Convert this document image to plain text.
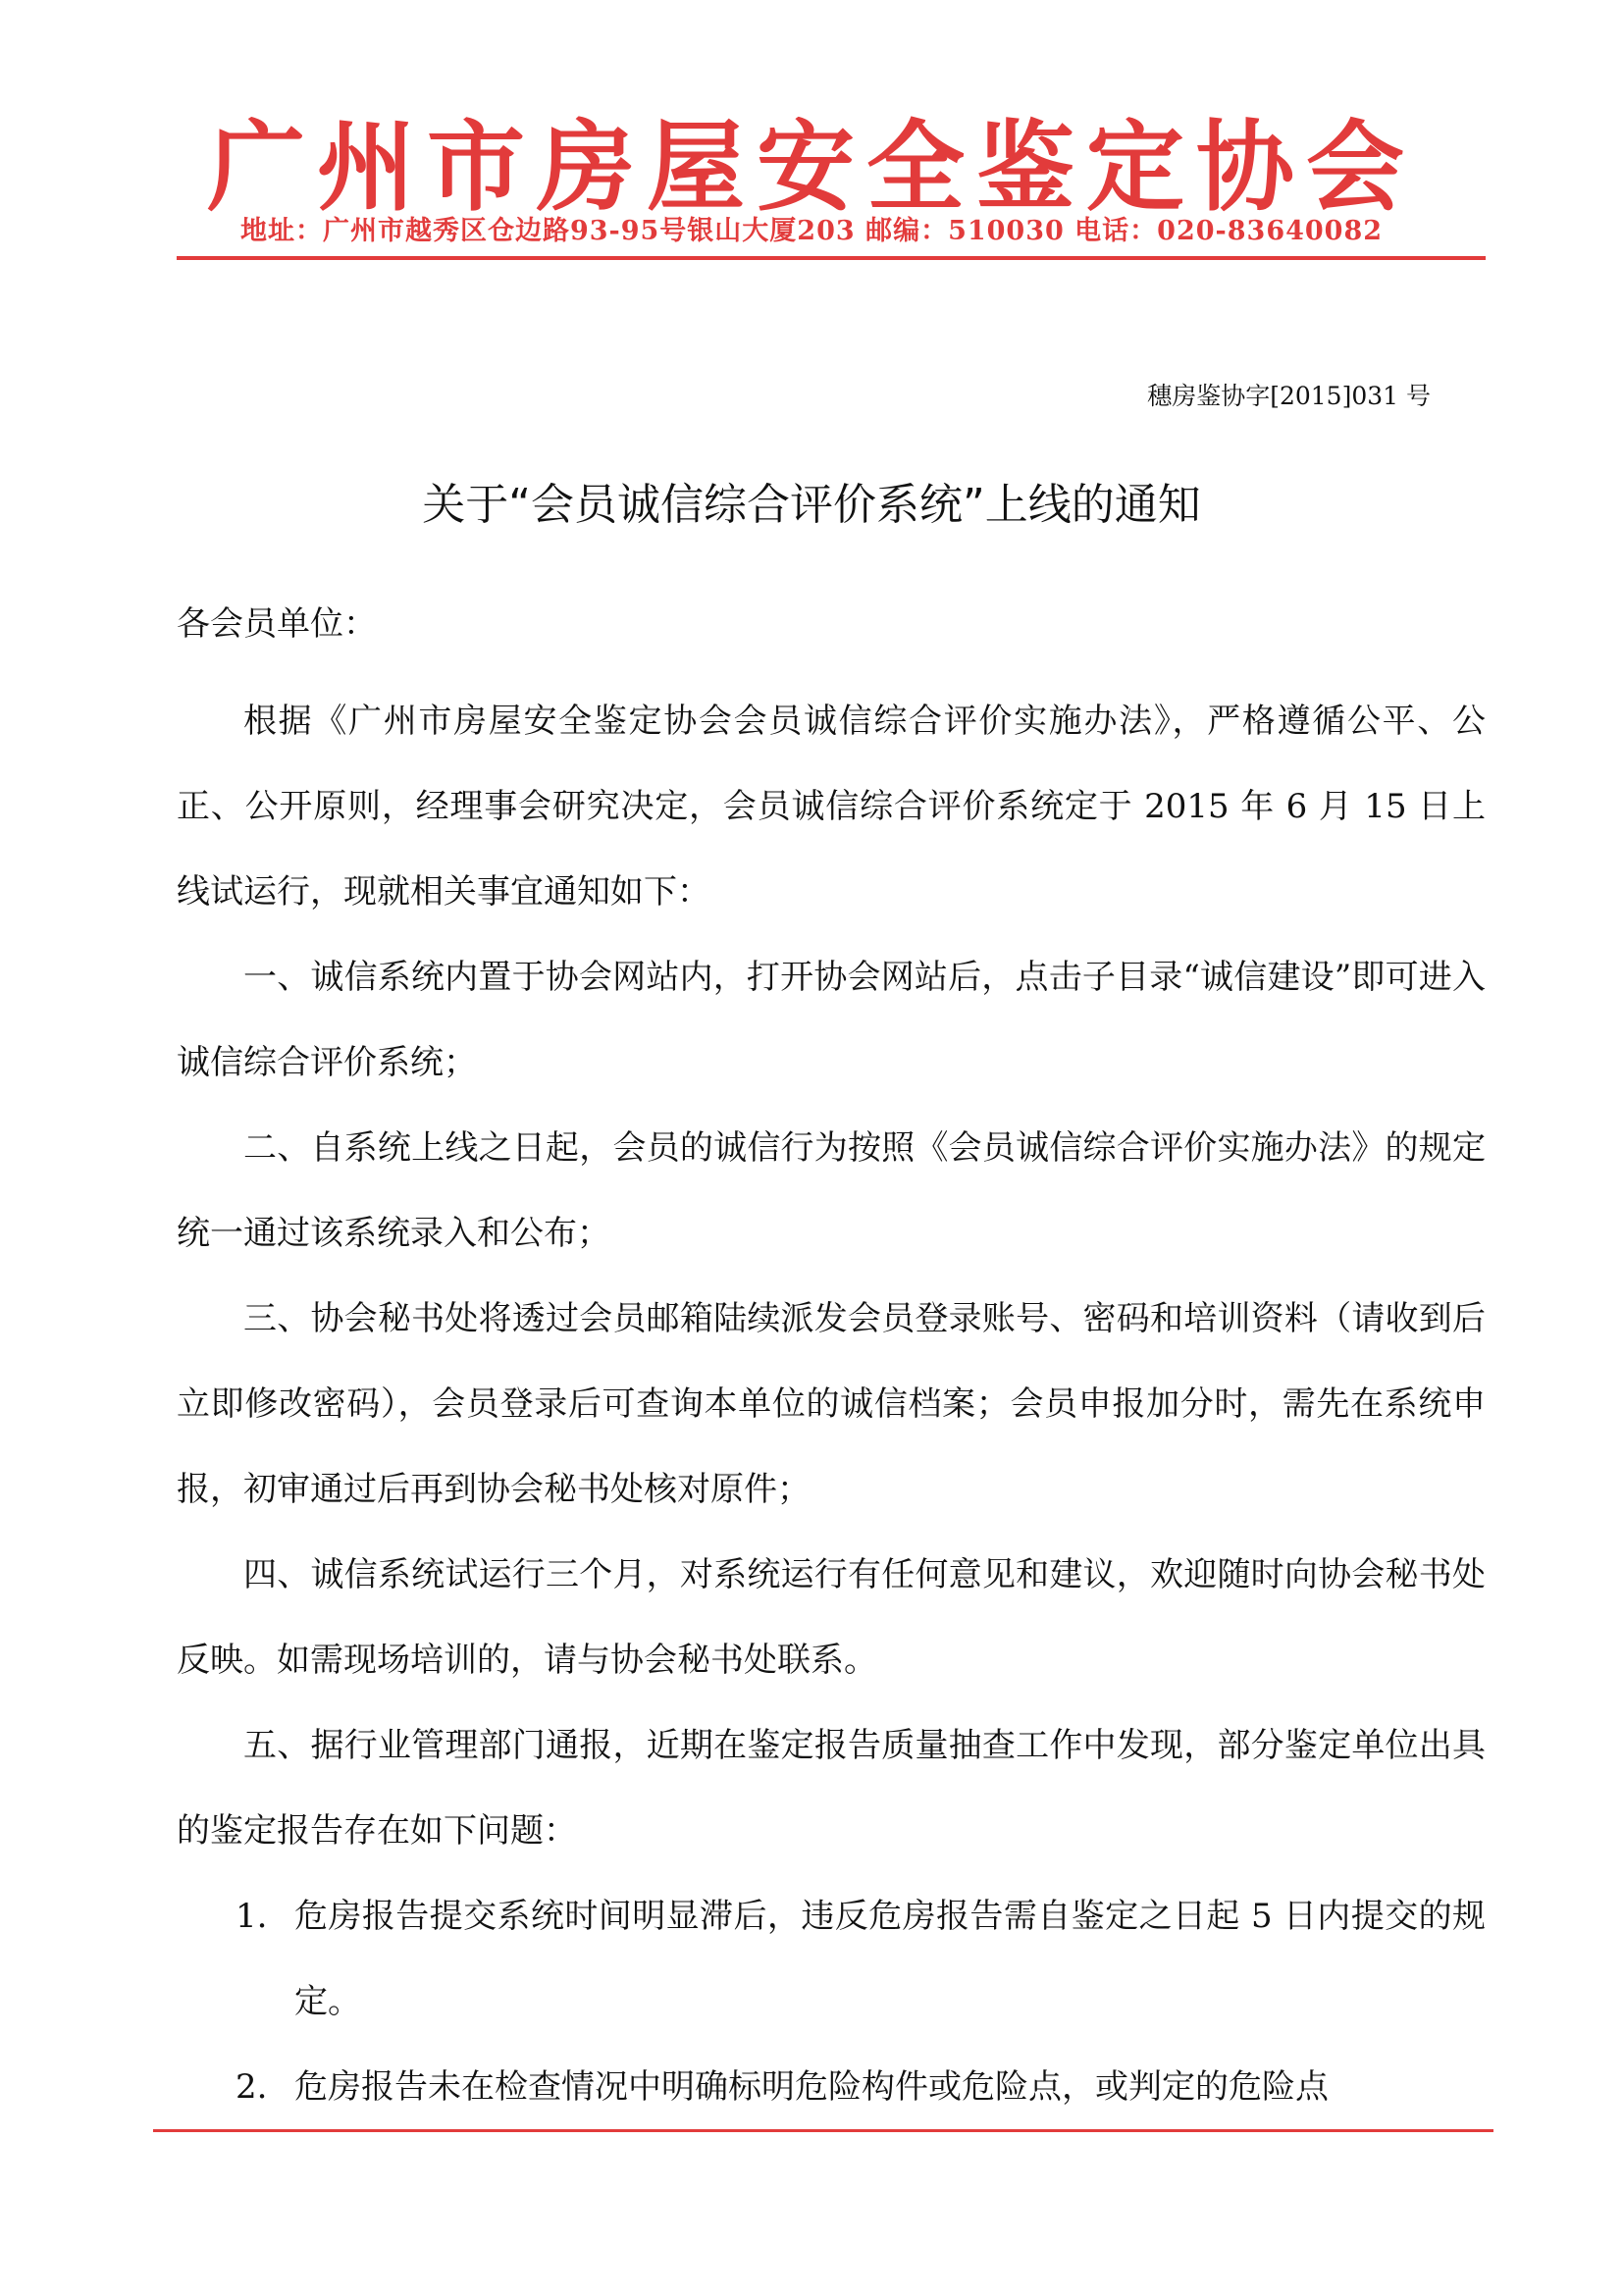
广州市房屋安全鉴定协会
地址：广州市越秀区仓边路93-95号银山大厦203 邮编：510030 电话：020-83640082
穗房鉴协字[2015]031 号
关于“会员诚信综合评价系统”上线的通知
各会员单位：

根据《广州市房屋安全鉴定协会会员诚信综合评价实施办法》，严格遵循公平、公正、公开原则，经理事会研究决定，会员诚信综合评价系统定于 2015 年 6 月 15 日上线试运行，现就相关事宜通知如下：

一、诚信系统内置于协会网站内，打开协会网站后，点击子目录“诚信建设”即可进入诚信综合评价系统；

二、自系统上线之日起，会员的诚信行为按照《会员诚信综合评价实施办法》的规定统一通过该系统录入和公布；

三、协会秘书处将透过会员邮箱陆续派发会员登录账号、密码和培训资料（请收到后立即修改密码），会员登录后可查询本单位的诚信档案；会员申报加分时，需先在系统申报，初审通过后再到协会秘书处核对原件；

四、诚信系统试运行三个月，对系统运行有任何意见和建议，欢迎随时向协会秘书处反映。如需现场培训的，请与协会秘书处联系。

五、据行业管理部门通报，近期在鉴定报告质量抽查工作中发现，部分鉴定单位出具的鉴定报告存在如下问题：

1. 危房报告提交系统时间明显滞后，违反危房报告需自鉴定之日起 5 日内提交的规定。
2. 危房报告未在检查情况中明确标明危险构件或危险点，或判定的危险点
